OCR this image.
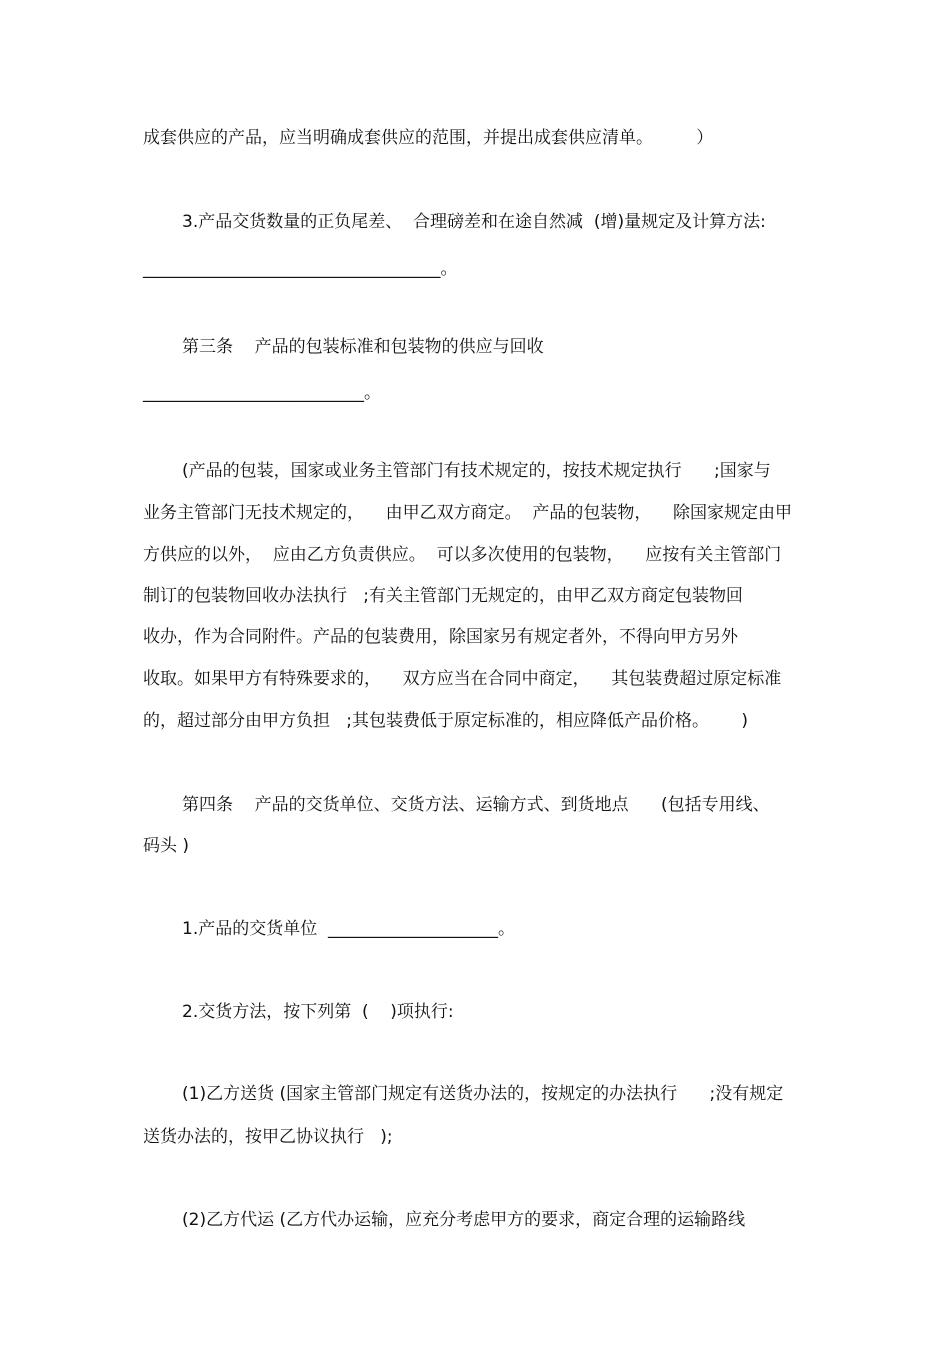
成套供应的产品，应当明确成套供应的范围，并提出成套供应清单。        ）

3.产品交货数量的正负尾差、  合理磅差和在途自然减  (增)量规定及计算方法:

___________________________________。

第三条    产品的包装标准和包装物的供应与回收

__________________________。

(产品的包装，国家或业务主管部门有技术规定的，按技术规定执行      ;国家与

业务主管部门无技术规定的，    由甲乙双方商定。  产品的包装物，    除国家规定由甲

方供应的以外，  应由乙方负责供应。  可以多次使用的包装物，    应按有关主管部门

制订的包装物回收办法执行   ;有关主管部门无规定的，由甲乙双方商定包装物回

收办，作为合同附件。产品的包装费用，除国家另有规定者外，不得向甲方另外

收取。如果甲方有特殊要求的，    双方应当在合同中商定，    其包装费超过原定标准

的，超过部分由甲方负担   ;其包装费低于原定标准的，相应降低产品价格。      )

第四条    产品的交货单位、交货方法、运输方式、到货地点      (包括专用线、

码头 )

1.产品的交货单位  ____________________。

2.交货方法，按下列第  (    )项执行:

(1)乙方送货 (国家主管部门规定有送货办法的，按规定的办法执行      ;没有规定

送货办法的，按甲乙协议执行   );

(2)乙方代运 (乙方代办运输，应充分考虑甲方的要求，商定合理的运输路线
